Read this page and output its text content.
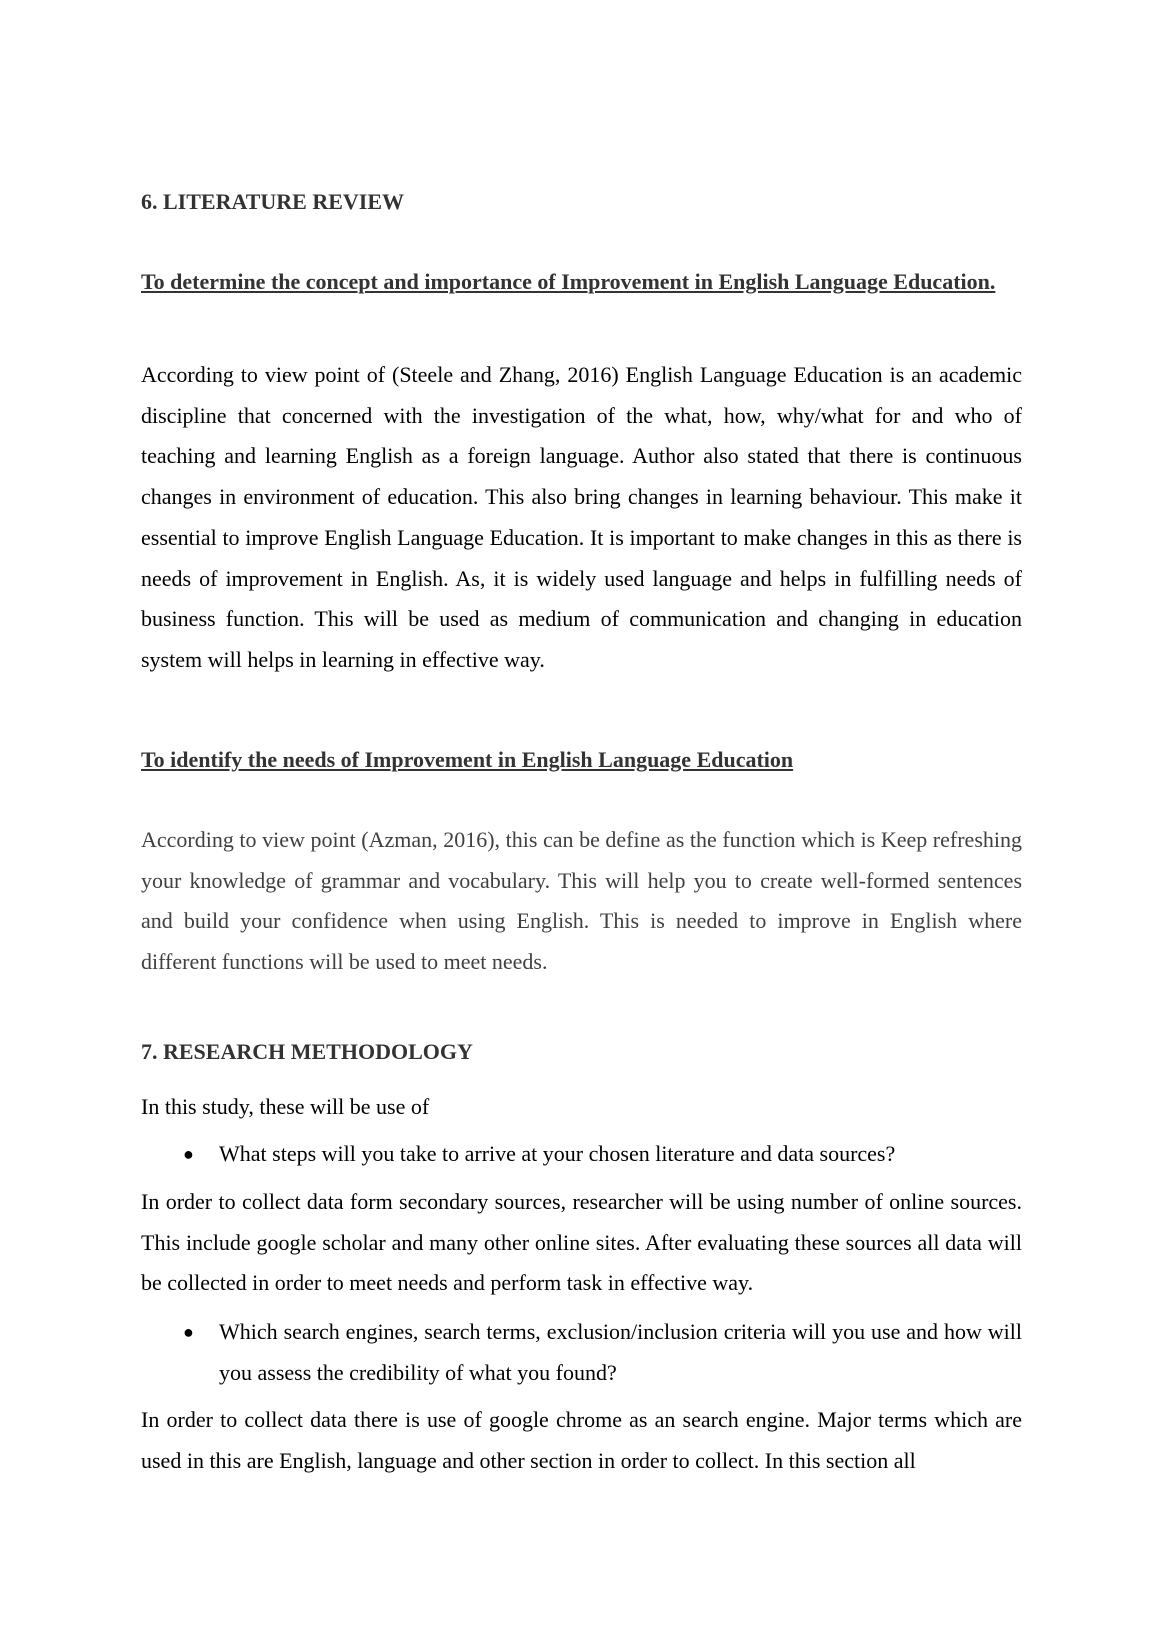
6. LITERATURE REVIEW
To determine the concept and importance of Improvement in English Language Education.

According to view point of (Steele and Zhang, 2016) English Language Education is an academic discipline that concerned with the investigation of the what, how, why/what for and who of teaching and learning English as a foreign language. Author also stated that there is continuous changes in environment of education. This also bring changes in learning behaviour. This make it essential to improve English Language Education. It is important to make changes in this as there is needs of improvement in English. As, it is widely used language and helps in fulfilling needs of business function. This will be used as medium of communication and changing in education system will helps in learning in effective way.

To identify the needs of Improvement in English Language Education

According to view point (Azman, 2016), this can be define as the function which is Keep refreshing your knowledge of grammar and vocabulary. This will help you to create well-formed sentences and build your confidence when using English. This is needed to improve in English where different functions will be used to meet needs.

7. RESEARCH METHODOLOGY

In this study, these will be use of

● What steps will you take to arrive at your chosen literature and data sources?

In order to collect data form secondary sources, researcher will be using number of online sources. This include google scholar and many other online sites. After evaluating these sources all data will be collected in order to meet needs and perform task in effective way.

● Which search engines, search terms, exclusion/inclusion criteria will you use and how will you assess the credibility of what you found?

In order to collect data there is use of google chrome as an search engine. Major terms which are used in this are English, language and other section in order to collect. In this section all
